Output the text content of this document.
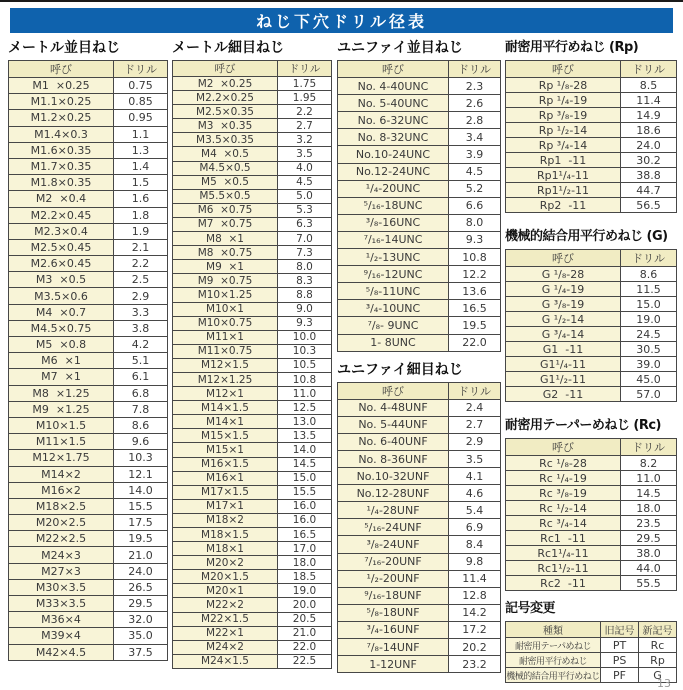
ねじ下穴ドリル径表
メートル並目ねじ
呼び	ドリル
M1  ×0.25	0.75
M1.1×0.25	0.85
M1.2×0.25	0.95
M1.4×0.3	1.1
M1.6×0.35	1.3
M1.7×0.35	1.4
M1.8×0.35	1.5
M2  ×0.4	1.6
M2.2×0.45	1.8
M2.3×0.4	1.9
M2.5×0.45	2.1
M2.6×0.45	2.2
M3  ×0.5	2.5
M3.5×0.6	2.9
M4  ×0.7	3.3
M4.5×0.75	3.8
M5  ×0.8	4.2
M6  ×1	5.1
M7  ×1	6.1
M8  ×1.25	6.8
M9  ×1.25	7.8
M10×1.5	8.6
M11×1.5	9.6
M12×1.75	10.3
M14×2	12.1
M16×2	14.0
M18×2.5	15.5
M20×2.5	17.5
M22×2.5	19.5
M24×3	21.0
M27×3	24.0
M30×3.5	26.5
M33×3.5	29.5
M36×4	32.0
M39×4	35.0
M42×4.5	37.5
メートル細目ねじ
呼び	ドリル
M2  ×0.25	1.75
M2.2×0.25	1.95
M2.5×0.35	2.2
M3  ×0.35	2.7
M3.5×0.35	3.2
M4  ×0.5	3.5
M4.5×0.5	4.0
M5  ×0.5	4.5
M5.5×0.5	5.0
M6  ×0.75	5.3
M7  ×0.75	6.3
M8  ×1	7.0
M8  ×0.75	7.3
M9  ×1	8.0
M9  ×0.75	8.3
M10×1.25	8.8
M10×1	9.0
M10×0.75	9.3
M11×1	10.0
M11×0.75	10.3
M12×1.5	10.5
M12×1.25	10.8
M12×1	11.0
M14×1.5	12.5
M14×1	13.0
M15×1.5	13.5
M15×1	14.0
M16×1.5	14.5
M16×1	15.0
M17×1.5	15.5
M17×1	16.0
M18×2	16.0
M18×1.5	16.5
M18×1	17.0
M20×2	18.0
M20×1.5	18.5
M20×1	19.0
M22×2	20.0
M22×1.5	20.5
M22×1	21.0
M24×2	22.0
M24×1.5	22.5
ユニファイ並目ねじ
呼び	ドリル
No. 4-40UNC	2.3
No. 5-40UNC	2.6
No. 6-32UNC	2.8
No. 8-32UNC	3.4
No.10-24UNC	3.9
No.12-24UNC	4.5
¹/₄-20UNC	5.2
⁵/₁₆-18UNC	6.6
³/₈-16UNC	8.0
⁷/₁₆-14UNC	9.3
¹/₂-13UNC	10.8
⁹/₁₆-12UNC	12.2
⁵/₈-11UNC	13.6
³/₄-10UNC	16.5
⁷/₈- 9UNC	19.5
1- 8UNC	22.0
ユニファイ細目ねじ
呼び	ドリル
No. 4-48UNF	2.4
No. 5-44UNF	2.7
No. 6-40UNF	2.9
No. 8-36UNF	3.5
No.10-32UNF	4.1
No.12-28UNF	4.6
¹/₄-28UNF	5.4
⁵/₁₆-24UNF	6.9
³/₈-24UNF	8.4
⁷/₁₆-20UNF	9.8
¹/₂-20UNF	11.4
⁹/₁₆-18UNF	12.8
⁵/₈-18UNF	14.2
³/₄-16UNF	17.2
⁷/₈-14UNF	20.2
1-12UNF	23.2
耐密用平行めねじ (Rp)
呼び	ドリル
Rp ¹/₈-28	8.5
Rp ¹/₄-19	11.4
Rp ³/₈-19	14.9
Rp ¹/₂-14	18.6
Rp ³/₄-14	24.0
Rp1  -11	30.2
Rp1¹/₄-11	38.8
Rp1¹/₂-11	44.7
Rp2  -11	56.5
機械的結合用平行めねじ (G)
呼び	ドリル
G ¹/₈-28	8.6
G ¹/₄-19	11.5
G ³/₈-19	15.0
G ¹/₂-14	19.0
G ³/₄-14	24.5
G1  -11	30.5
G1¹/₄-11	39.0
G1¹/₂-11	45.0
G2  -11	57.0
耐密用テーパーめねじ (Rc)
呼び	ドリル
Rc ¹/₈-28	8.2
Rc ¹/₄-19	11.0
Rc ³/₈-19	14.5
Rc ¹/₂-14	18.0
Rc ³/₄-14	23.5
Rc1  -11	29.5
Rc1¹/₄-11	38.0
Rc1¹/₂-11	44.0
Rc2  -11	55.5
記号変更
種類	旧記号	新記号
耐密用テーパめねじ	PT	Rc
耐密用平行めねじ	PS	Rp
機械的結合用平行めねじ	PF	G
13
